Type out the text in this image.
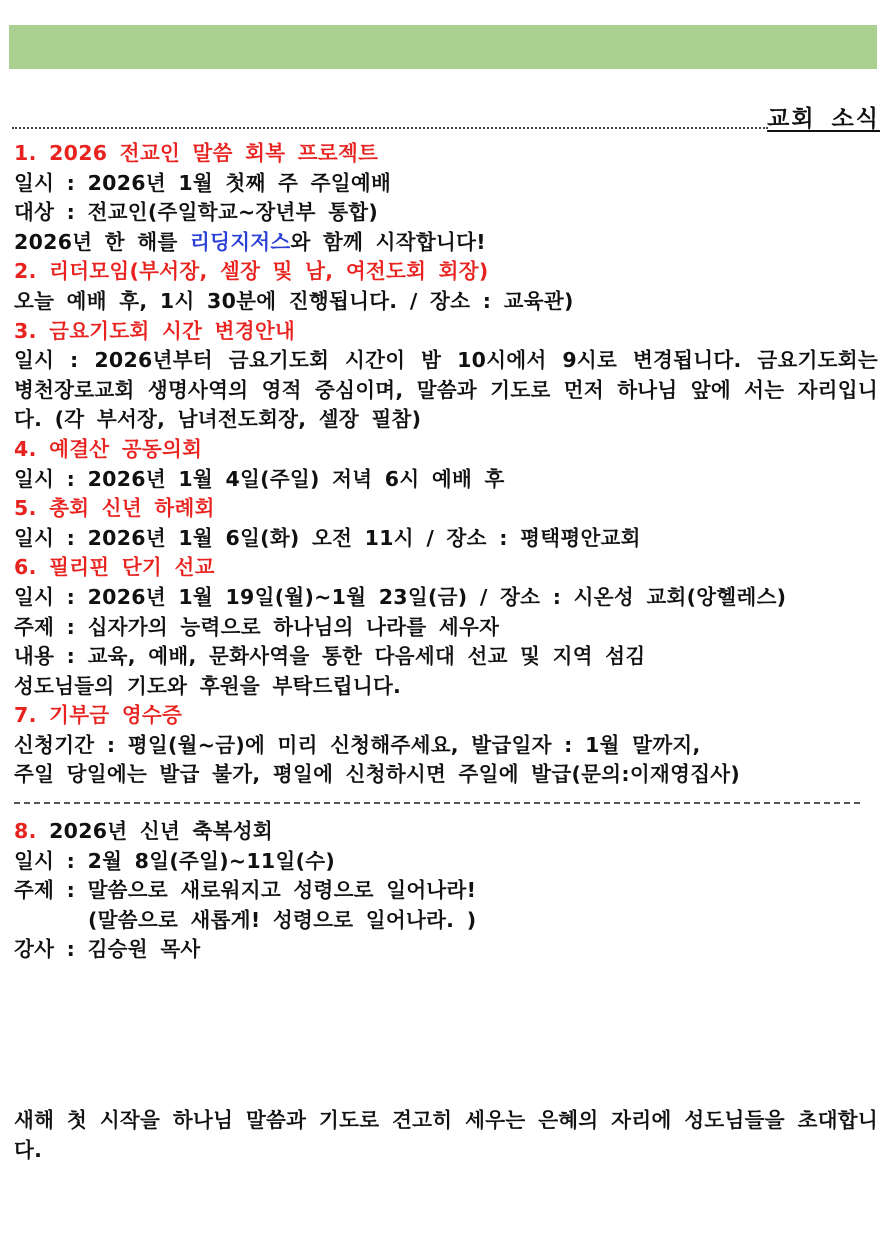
교회 소식
1. 2026 전교인 말씀 회복 프로젝트
일시 : 2026년 1월 첫째 주 주일예배
대상 : 전교인(주일학교~장년부 통합)
2026년 한 해를 리딩지저스와 함께 시작합니다!
2. 리더모임(부서장, 셀장 및 남, 여전도회 회장)
오늘 예배 후, 1시 30분에 진행됩니다. / 장소 : 교육관)
3. 금요기도회 시간 변경안내
일시 : 2026년부터 금요기도회 시간이 밤 10시에서 9시로 변경됩니다. 금요기도회는 병천장로교회 생명사역의 영적 중심이며, 말씀과 기도로 먼저 하나님 앞에 서는 자리입니다. (각 부서장, 남녀전도회장, 셀장 필참)
4. 예결산 공동의회
일시 : 2026년 1월 4일(주일) 저녁 6시 예배 후
5. 총회 신년 하례회
일시 : 2026년 1월 6일(화) 오전 11시 / 장소 : 평택평안교회
6. 필리핀 단기 선교
일시 : 2026년 1월 19일(월)~1월 23일(금) / 장소 : 시온성 교회(앙헬레스)
주제 : 십자가의 능력으로 하나님의 나라를 세우자
내용 : 교육, 예배, 문화사역을 통한 다음세대 선교 및 지역 섬김
성도님들의 기도와 후원을 부탁드립니다.
7. 기부금 영수증
신청기간 : 평일(월~금)에 미리 신청해주세요, 발급일자 : 1월 말까지,
주일 당일에는 발급 불가, 평일에 신청하시면 주일에 발급(문의:이재영집사)
8. 2026년 신년 축복성회
일시 : 2월 8일(주일)~11일(수)
주제 : 말씀으로 새로워지고 성령으로 일어나라!
(말씀으로 새롭게! 성령으로 일어나라. )
강사 : 김승원 목사
새해 첫 시작을 하나님 말씀과 기도로 견고히 세우는 은혜의 자리에 성도님들을 초대합니다.
